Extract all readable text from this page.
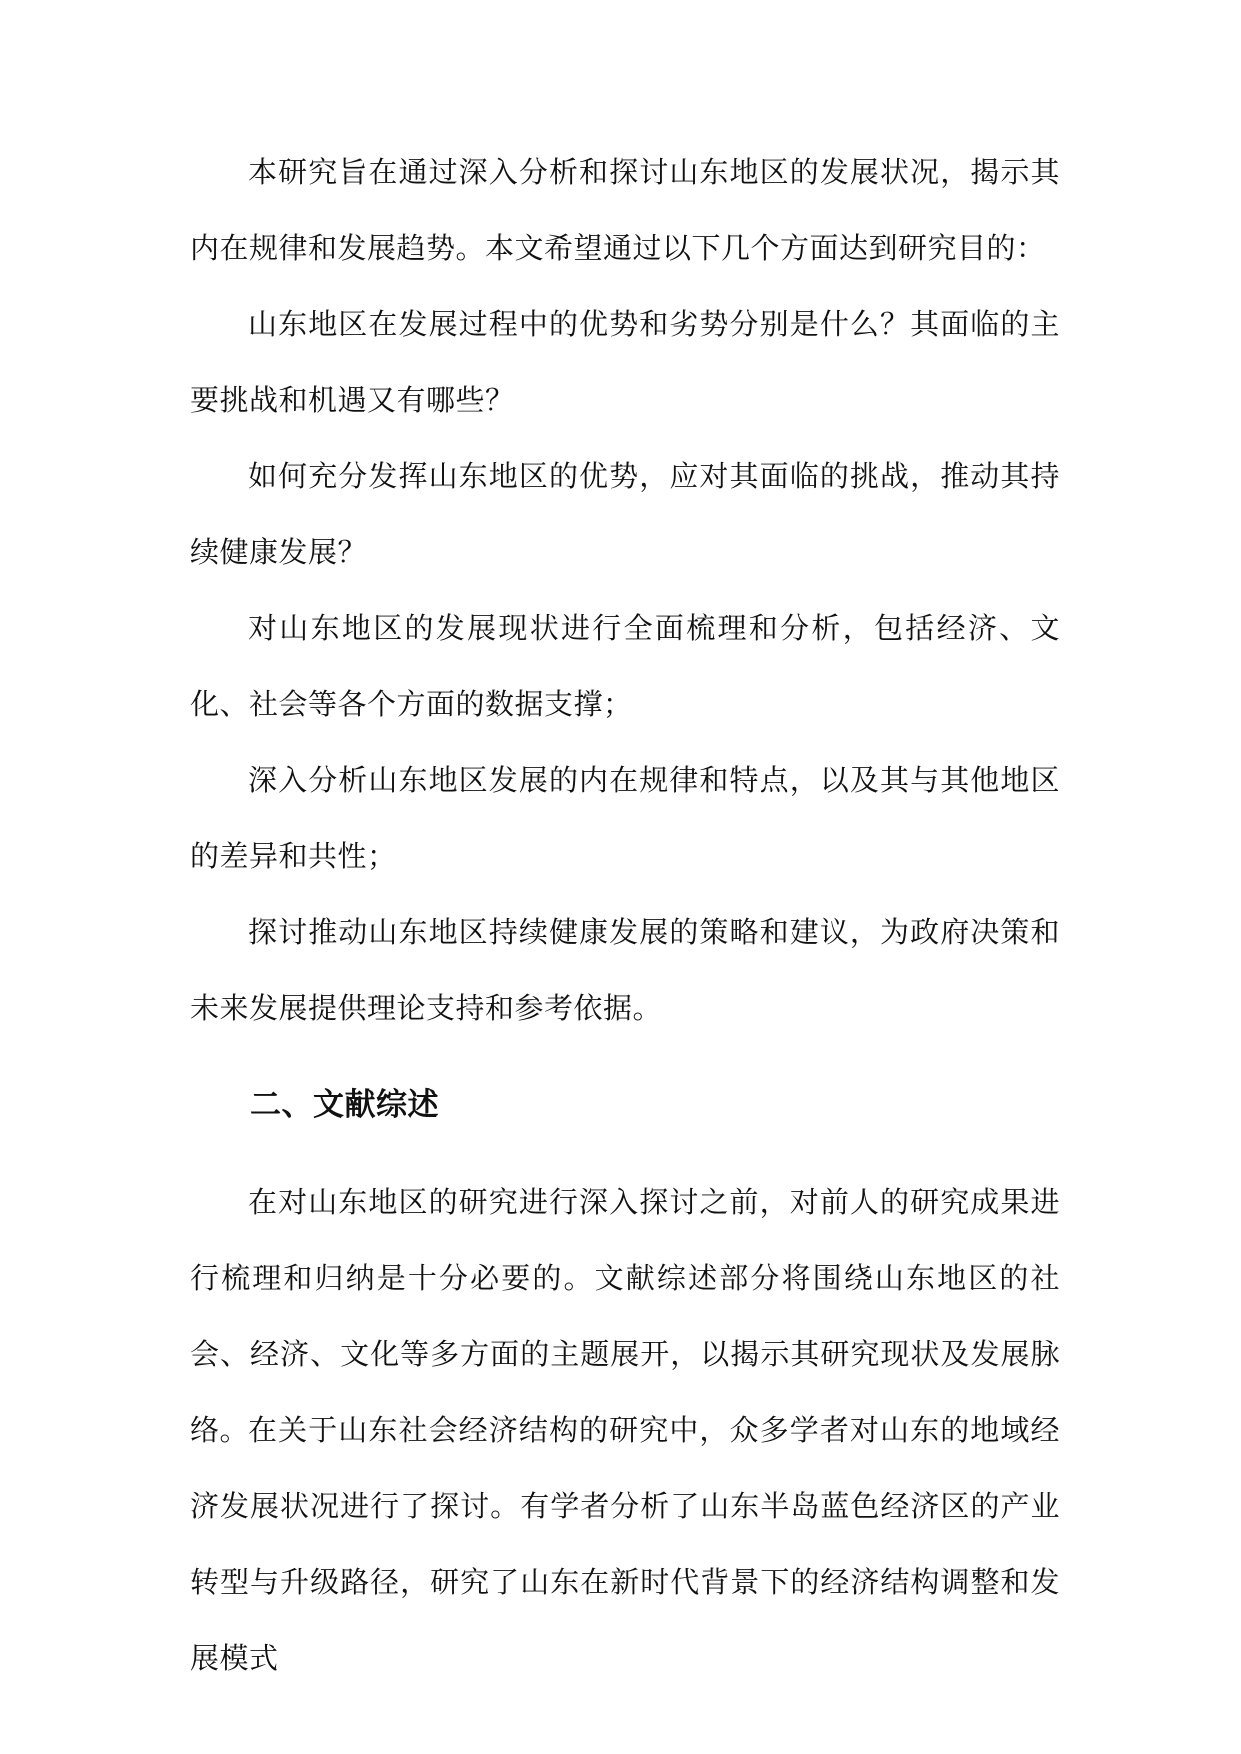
本研究旨在通过深入分析和探讨山东地区的发展状况，揭示其内在规律和发展趋势。本文希望通过以下几个方面达到研究目的：

山东地区在发展过程中的优势和劣势分别是什么？其面临的主要挑战和机遇又有哪些？

如何充分发挥山东地区的优势，应对其面临的挑战，推动其持续健康发展？

对山东地区的发展现状进行全面梳理和分析，包括经济、文化、社会等各个方面的数据支撑；

深入分析山东地区发展的内在规律和特点，以及其与其他地区的差异和共性；

探讨推动山东地区持续健康发展的策略和建议，为政府决策和未来发展提供理论支持和参考依据。

二、文献综述

在对山东地区的研究进行深入探讨之前，对前人的研究成果进行梳理和归纳是十分必要的。文献综述部分将围绕山东地区的社会、经济、文化等多方面的主题展开，以揭示其研究现状及发展脉络。

在关于山东社会经济结构的研究中，众多学者对山东的地域经济发展状况进行了探讨。有学者分析了山东半岛蓝色经济区的产业转型与升级路径，研究了山东在新时代背景下的经济结构调整和发展模式
